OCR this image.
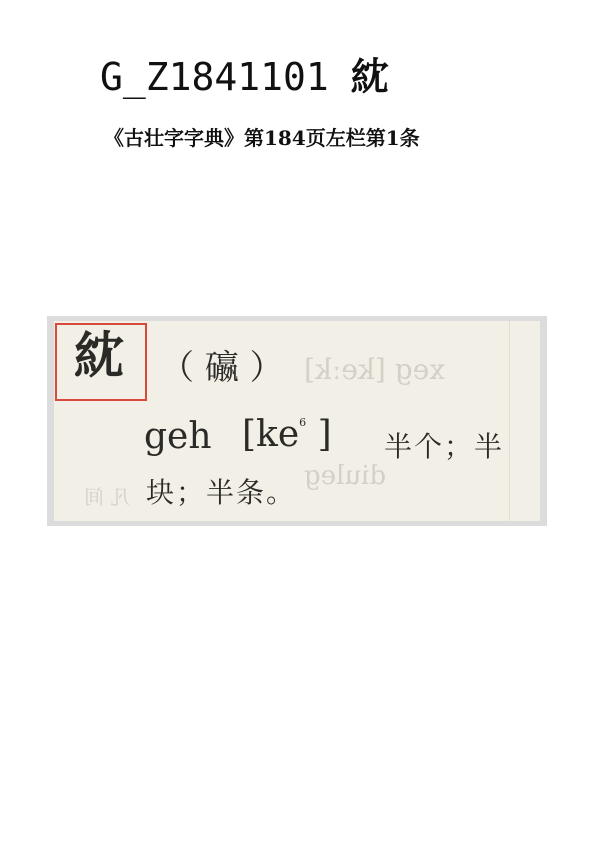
G_Z1841101 紞
《古壮字字典》第184页左栏第1条
xeg [keːk]
凡 间
diuleg
紞 （ 䃷 ）
geh [$ke^6$ ] 半个；半
块；半条。
